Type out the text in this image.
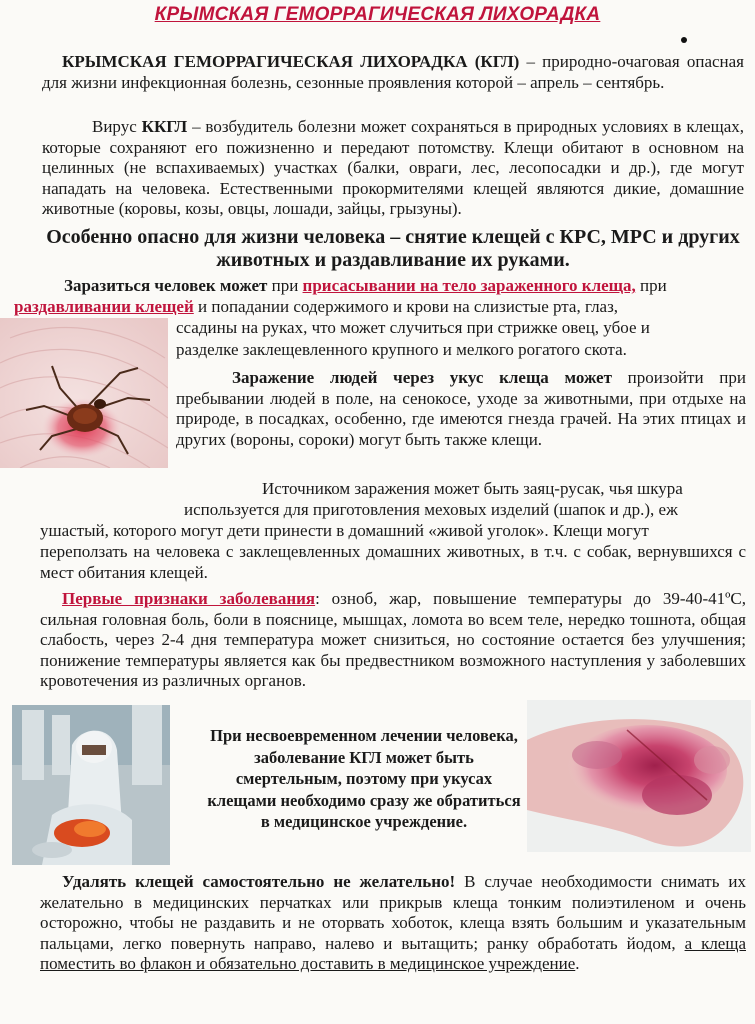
КРЫМСКАЯ ГЕМОРРАГИЧЕСКАЯ ЛИХОРАДКА
КРЫМСКАЯ ГЕМОРРАГИЧЕСКАЯ ЛИХОРАДКА (КГЛ) – природно-очаговая опасная для жизни инфекционная болезнь, сезонные проявления которой – апрель – сентябрь.
Вирус ККГЛ – возбудитель болезни может сохраняться в природных условиях в клещах, которые сохраняют его пожизненно и передают потомству. Клещи обитают в основном на целинных (не вспахиваемых) участках (балки, овраги, лес, лесопосадки и др.), где могут нападать на человека. Естественными прокормителями клещей являются дикие, домашние животные (коровы, козы, овцы, лошади, зайцы, грызуны).
Особенно опасно для жизни человека – снятие клещей с КРС, МРС и других животных и раздавливание их руками.
Заразиться человек может при присасывании на тело зараженного клеща, при
раздавливании клещей и попадании содержимого и крови на слизистые рта, глаз,
ссадины на руках, что может случиться при стрижке овец, убое и
разделке заклещевленного крупного и мелкого рогатого скота.
Заражение людей через укус клеща может произойти при пребывании людей в поле, на сенокосе, уходе за животными, при отдыхе на природе, в посадках, особенно, где имеются гнезда грачей. На этих птицах и других (вороны, сороки) могут быть также клещи.
Источником заражения может быть заяц-русак, чья шкура
используется для приготовления меховых изделий (шапок и др.), еж
ушастый, которого могут дети принести в домашний «живой уголок». Клещи могут
переползать на человека с заклещевленных домашних животных, в т.ч. с собак, вернувшихся с мест обитания клещей.
Первые признаки заболевания: озноб, жар, повышение температуры до 39-40-41ºС, сильная головная боль, боли в пояснице, мышцах, ломота во всем теле, нередко тошнота, общая слабость, через 2-4 дня температура может снизиться, но состояние остается без улучшения; понижение температуры является как бы предвестником возможного наступления у заболевших кровотечения из различных органов.
При несвоевременном лечении человека, заболевание КГЛ может быть смертельным, поэтому при укусах клещами необходимо сразу же обратиться в медицинское учреждение.
Удалять клещей самостоятельно не желательно! В случае необходимости снимать их желательно в медицинских перчатках или прикрыв клеща тонким полиэтиленом и очень осторожно, чтобы не раздавить и не оторвать хоботок, клеща взять большим и указательным пальцами, легко повернуть направо, налево и вытащить; ранку обработать йодом, а клеща поместить во флакон и обязательно доставить в медицинское учреждение.
